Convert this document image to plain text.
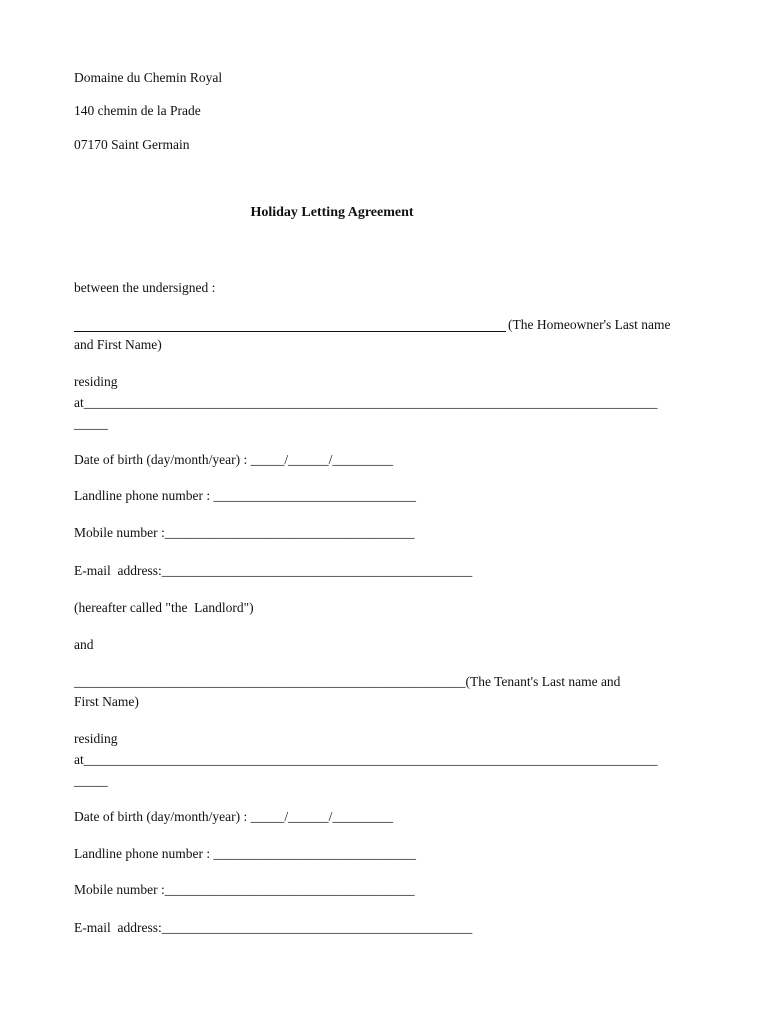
Domaine du Chemin Royal
140 chemin de la Prade
07170 Saint Germain
Holiday Letting Agreement
between the undersigned :
(The Homeowner's Last name
and First Name)
residing
at_____________________________________________________________________________________
_____
Date of birth (day/month/year) : _____/______/_________
Landline phone number : ______________________________
Mobile number :_____________________________________
E-mail  address:______________________________________________
(hereafter called "the  Landlord")
and
__________________________________________________________(The Tenant's Last name and
First Name)
residing
at_____________________________________________________________________________________
_____
Date of birth (day/month/year) : _____/______/_________
Landline phone number : ______________________________
Mobile number :_____________________________________
E-mail  address:______________________________________________
